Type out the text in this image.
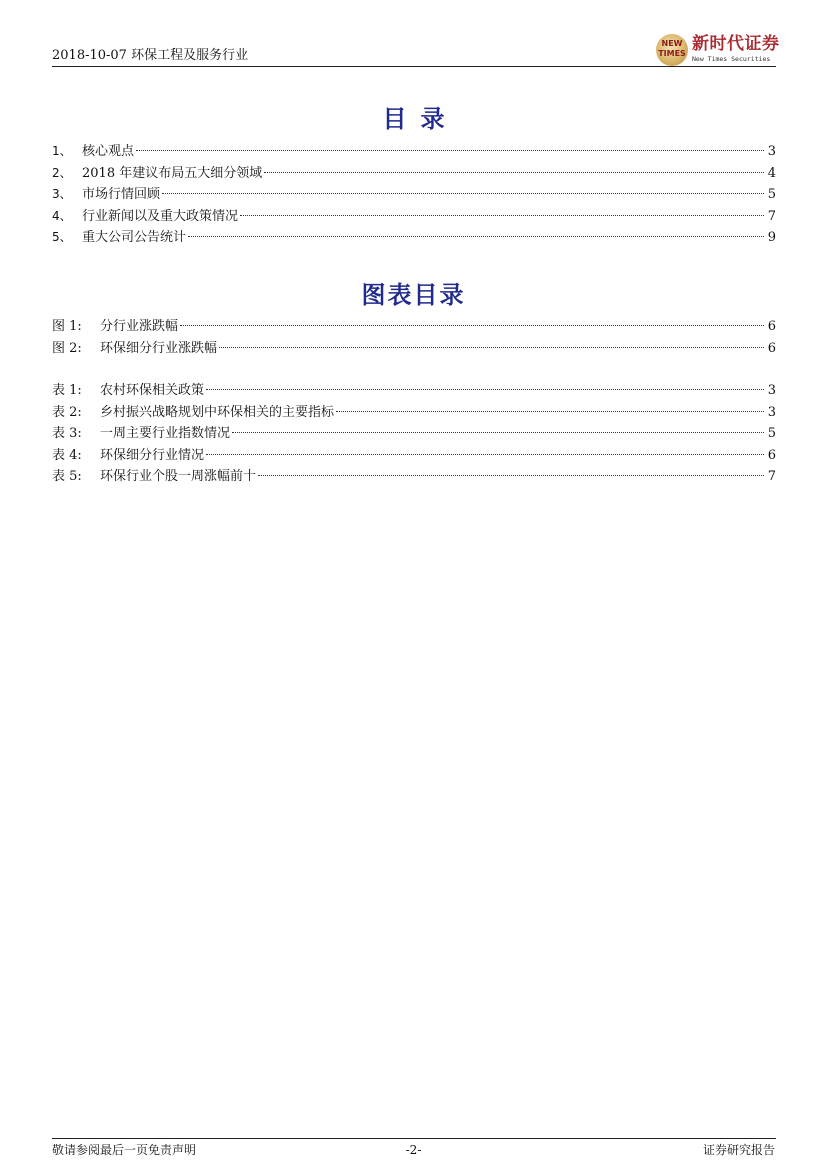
2018-10-07 环保工程及服务行业
NEW
TIMES 新时代证券
New Times Securities
目录
1、 核心观点	3
2、 2018 年建议布局五大细分领域	4
3、 市场行情回顾	5
4、 行业新闻以及重大政策情况	7
5、 重大公司公告统计	9
图表目录
图 1:	分行业涨跌幅	6
图 2:	环保细分行业涨跌幅	6
表 1:	农村环保相关政策	3
表 2:	乡村振兴战略规划中环保相关的主要指标	3
表 3:	一周主要行业指数情况	5
表 4:	环保细分行业情况	6
表 5:	环保行业个股一周涨幅前十	7
敬请参阅最后一页免责声明	-2-	证券研究报告
